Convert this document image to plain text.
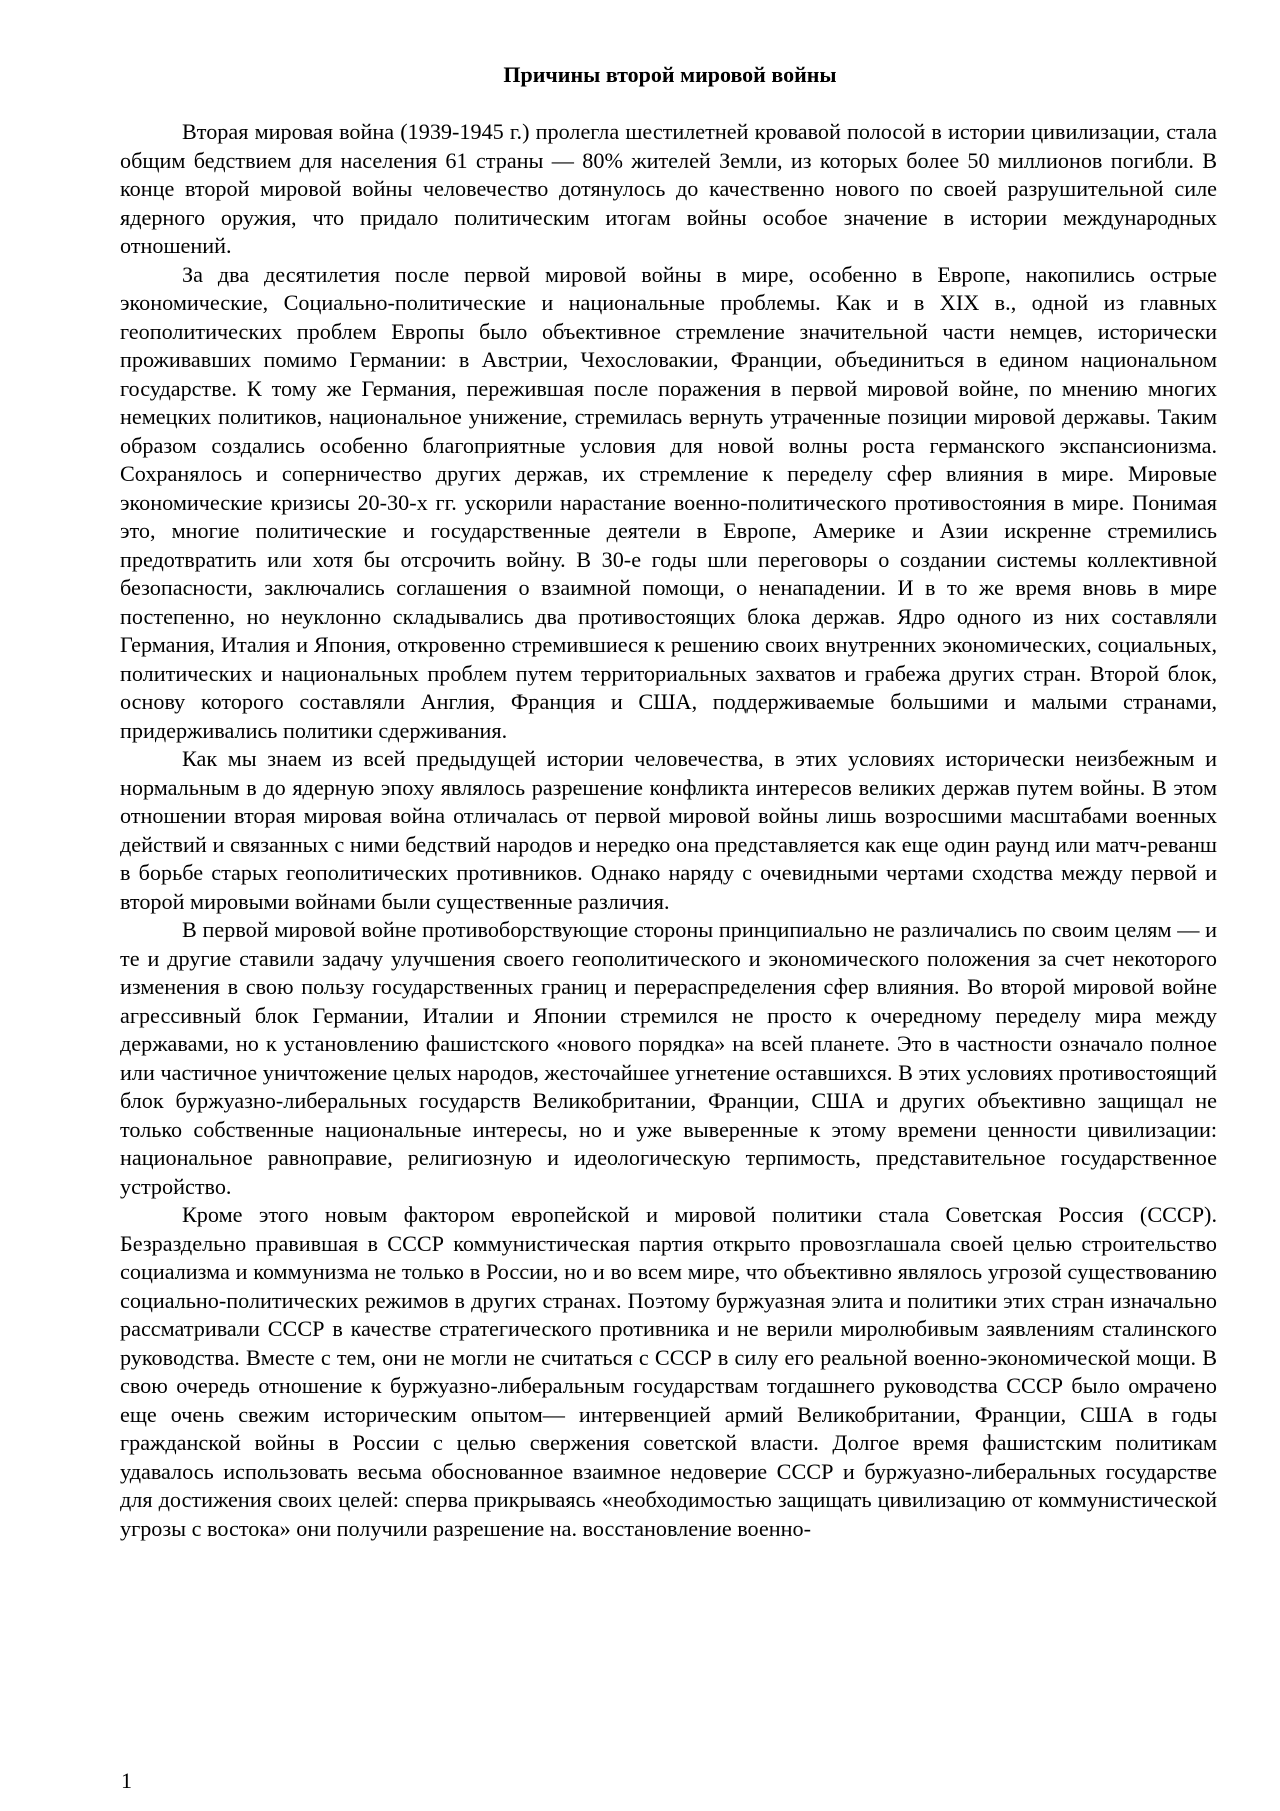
Причины второй мировой войны

Вторая мировая война (1939-1945 г.) пролегла шестилетней кровавой полосой в истории цивилизации, стала общим бедствием для населения 61 страны — 80% жителей Земли, из которых более 50 миллионов погибли. В конце второй мировой войны человечество дотянулось до качественно нового по своей разрушительной силе ядерного оружия, что придало политическим итогам войны особое значение в истории международных отношений.

За два десятилетия после первой мировой войны в мире, особенно в Европе, накопились острые экономические, Социально-политические и национальные проблемы. Как и в XIX в., одной из главных геополитических проблем Европы было объективное стремление значительной части немцев, исторически проживавших помимо Германии: в Австрии, Чехословакии, Франции, объединиться в едином национальном государстве. К тому же Германия, пережившая после поражения в первой мировой войне, по мнению многих немецких политиков, национальное унижение, стремилась вернуть утраченные позиции мировой державы. Таким образом создались особенно благоприятные условия для новой волны роста германского экспансионизма. Сохранялось и соперничество других держав, их стремление к переделу сфер влияния в мире. Мировые экономические кризисы 20-30-х гг. ускорили нарастание военно-политического противостояния в мире. Понимая это, многие политические и государственные деятели в Европе, Америке и Азии искренне стремились предотвратить или хотя бы отсрочить войну. В 30-е годы шли переговоры о создании системы коллективной безопасности, заключались соглашения о взаимной помощи, о ненападении. И в то же время вновь в мире постепенно, но неуклонно складывались два противостоящих блока держав. Ядро одного из них составляли Германия, Италия и Япония, откровенно стремившиеся к решению своих внутренних экономических, социальных, политических и национальных проблем путем территориальных захватов и грабежа других стран. Второй блок, основу которого составляли Англия, Франция и США, поддерживаемые большими и малыми странами, придерживались политики сдерживания.

Как мы знаем из всей предыдущей истории человечества, в этих условиях исторически неизбежным и нормальным в до ядерную эпоху являлось разрешение конфликта интересов великих держав путем войны. В этом отношении вторая мировая война отличалась от первой мировой войны лишь возросшими масштабами военных действий и связанных с ними бедствий народов и нередко она представляется как еще один раунд или матч-реванш в борьбе старых геополитических противников. Однако наряду с очевидными чертами сходства между первой и второй мировыми войнами были существенные различия.

В первой мировой войне противоборствующие стороны принципиально не различались по своим целям — и те и другие ставили задачу улучшения своего геополитического и экономического положения за счет некоторого изменения в свою пользу государственных границ и перераспределения сфер влияния. Во второй мировой войне агрессивный блок Германии, Италии и Японии стремился не просто к очередному переделу мира между державами, но к установлению фашистского «нового порядка» на всей планете. Это в частности означало полное или частичное уничтожение целых народов, жесточайшее угнетение оставшихся. В этих условиях противостоящий блок буржуазно-либеральных государств Великобритании, Франции, США и других объективно защищал не только собственные национальные интересы, но и уже выверенные к этому времени ценности цивилизации: национальное равноправие, религиозную и идеологическую терпимость, представительное государственное устройство.

Кроме этого новым фактором европейской и мировой политики стала Советская Россия (СССР). Безраздельно правившая в СССР коммунистическая партия открыто провозглашала своей целью строительство социализма и коммунизма не только в России, но и во всем мире, что объективно являлось угрозой существованию социально-политических режимов в других странах. Поэтому буржуазная элита и политики этих стран изначально рассматривали СССР в качестве стратегического противника и не верили миролюбивым заявлениям сталинского руководства. Вместе с тем, они не могли не считаться с СССР в силу его реальной военно-экономической мощи. В свою очередь отношение к буржуазно-либеральным государствам тогдашнего руководства СССР было омрачено еще очень свежим историческим опытом— интервенцией армий Великобритании, Франции, США в годы гражданской войны в России с целью свержения советской власти. Долгое время фашистским политикам удавалось использовать весьма обоснованное взаимное недоверие СССР и буржуазно-либеральных государстве для достижения своих целей: сперва прикрываясь «необходимостью защищать цивилизацию от коммунистической угрозы с востока» они получили разрешение на. восстановление военно-

1
